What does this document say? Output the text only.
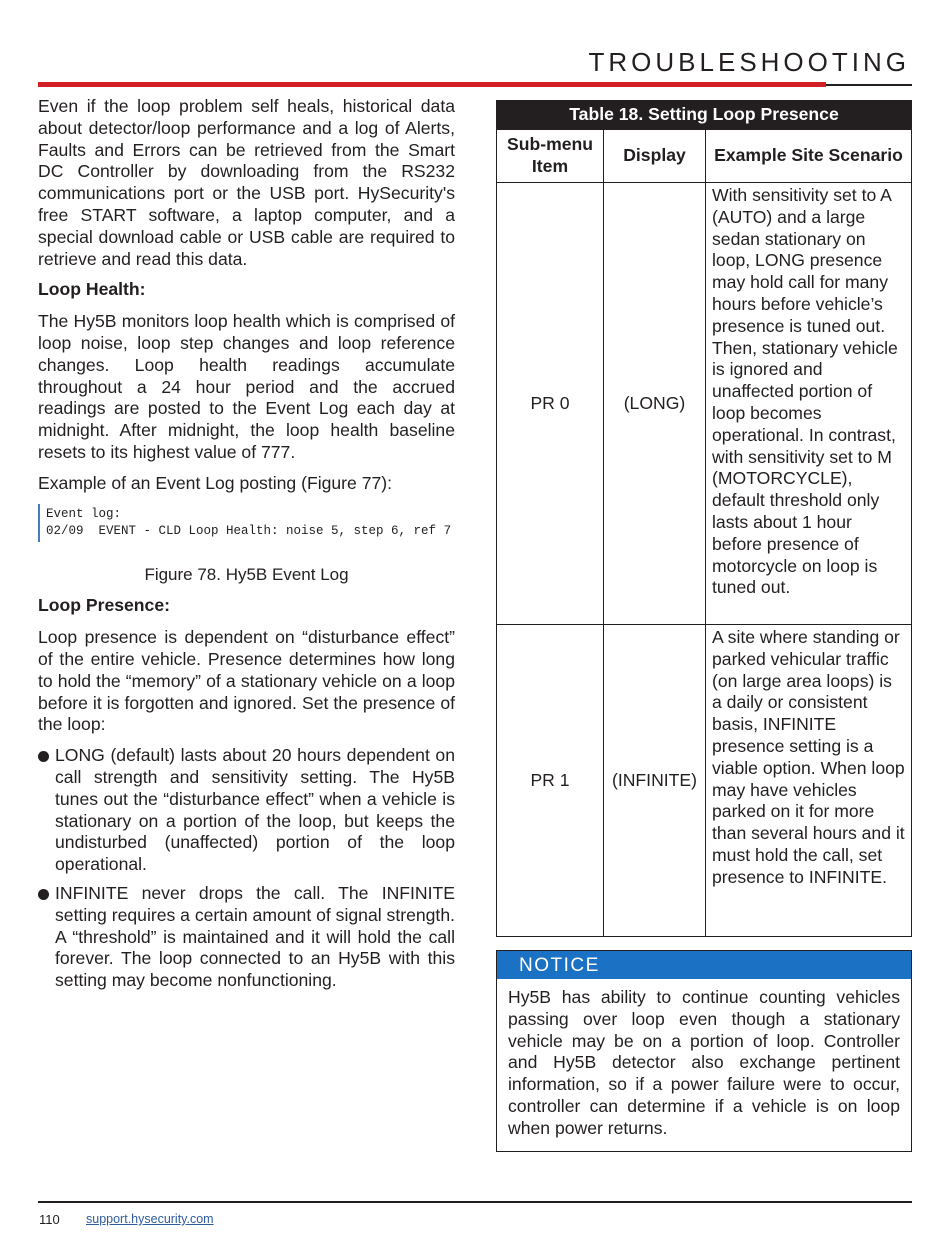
TROUBLESHOOTING

Even if the loop problem self heals, historical data about detector/loop performance and a log of Alerts, Faults and Errors can be retrieved from the Smart DC Controller by downloading from the RS232 communications port or the USB port. HySecurity's free START software, a laptop computer, and a special download cable or USB cable are required to retrieve and read this data.

Loop Health:

The Hy5B monitors loop health which is comprised of loop noise, loop step changes and loop reference changes. Loop health readings accumulate throughout a 24 hour period and the accrued readings are posted to the Event Log each day at midnight. After midnight, the loop health baseline resets to its highest value of 777.

Example of an Event Log posting (Figure 77):

Event log:
02/09  EVENT - CLD Loop Health: noise 5, step 6, ref 7
Figure 78. Hy5B Event Log
Loop Presence:

Loop presence is dependent on “disturbance effect” of the entire vehicle. Presence determines how long to hold the “memory” of a stationary vehicle on a loop before it is forgotten and ignored. Set the presence of the loop:

LONG (default) lasts about 20 hours dependent on call strength and sensitivity setting. The Hy5B tunes out the “disturbance effect” when a vehicle is stationary on a portion of the loop, but keeps the undisturbed (unaffected) portion of the loop operational.
INFINITE never drops the call. The INFINITE setting requires a certain amount of signal strength. A “threshold” is maintained and it will hold the call forever. The loop connected to an Hy5B with this setting may become nonfunctioning.
Table 18. Setting Loop Presence		
Sub-menu Item	Display	Example Site Scenario
PR 0	(LONG)	With sensitivity set to A (AUTO) and a large sedan stationary on loop, LONG presence may hold call for many hours before vehicle’s presence is tuned out. Then, stationary vehicle is ignored and unaffected portion of loop becomes operational. In contrast, with sensitivity set to M (MOTORCYCLE), default threshold only lasts about 1 hour before presence of motorcycle on loop is tuned out.
PR 1	(INFINITE)	A site where standing or parked vehicular traffic (on large area loops) is a daily or consistent basis, INFINITE presence setting is a viable option. When loop may have vehicles parked on it for more than several hours and it must hold the call, set presence to INFINITE.
NOTICE
Hy5B has ability to continue counting vehicles passing over loop even though a stationary vehicle may be on a portion of loop. Controller and Hy5B detector also exchange pertinent information, so if a power failure were to occur, controller can determine if a vehicle is on loop when power returns.
110 support.hysecurity.com
